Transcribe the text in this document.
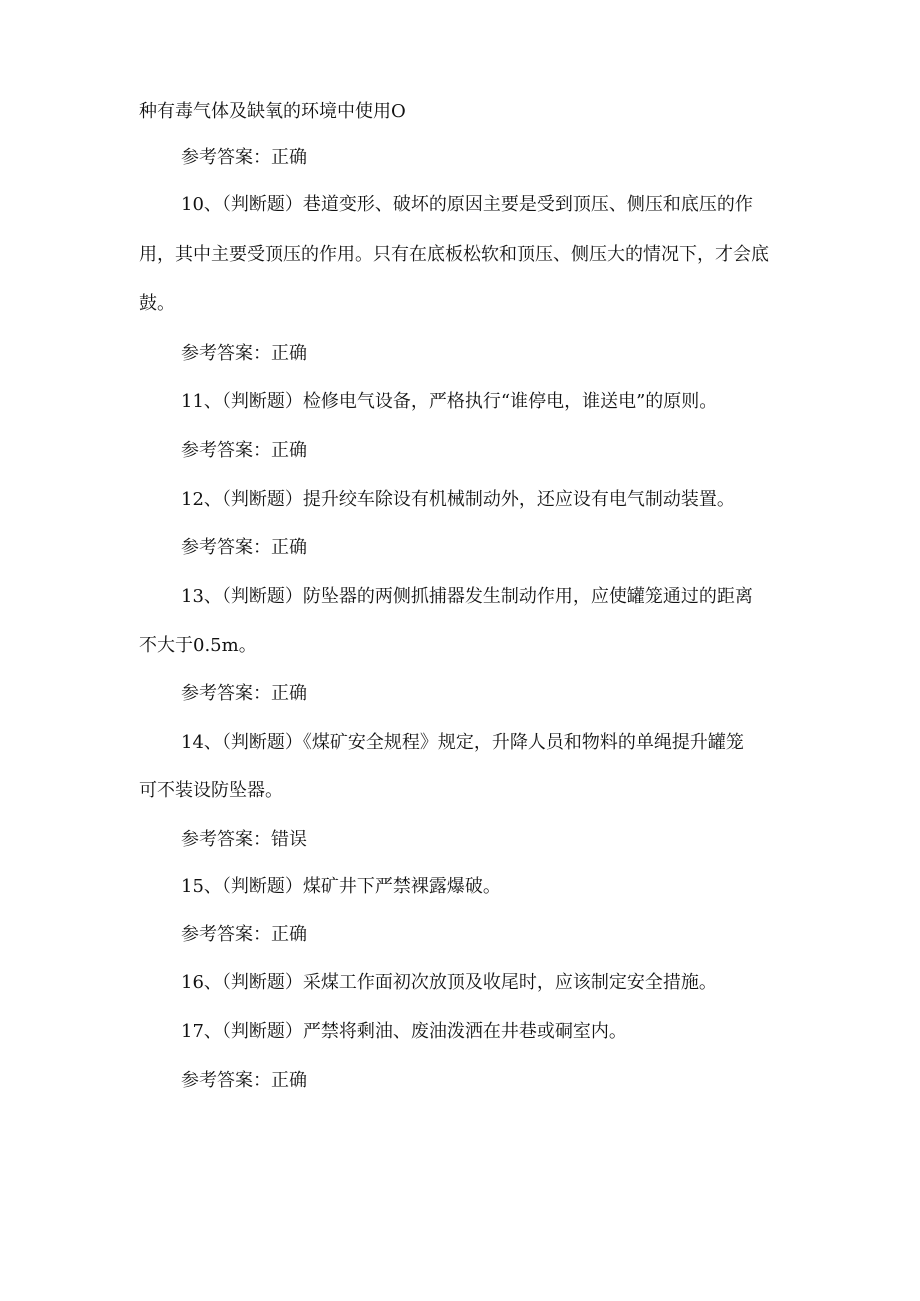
种有毒气体及缺氧的环境中使用O
参考答案：正确
10、（判断题）巷道变形、破坏的原因主要是受到顶压、侧压和底压的作
用，其中主要受顶压的作用。只有在底板松软和顶压、侧压大的情况下，才会底
鼓。
参考答案：正确
11、（判断题）检修电气设备，严格执行“谁停电，谁送电”的原则。
参考答案：正确
12、（判断题）提升绞车除设有机械制动外，还应设有电气制动装置。
参考答案：正确
13、（判断题）防坠器的两侧抓捕器发生制动作用，应使罐笼通过的距离
不大于0.5m。
参考答案：正确
14、（判断题）《煤矿安全规程》规定，升降人员和物料的单绳提升罐笼
可不装设防坠器。
参考答案：错误
15、（判断题）煤矿井下严禁裸露爆破。
参考答案：正确
16、（判断题）采煤工作面初次放顶及收尾时，应该制定安全措施。
17、（判断题）严禁将剩油、废油泼洒在井巷或硐室内。
参考答案：正确
